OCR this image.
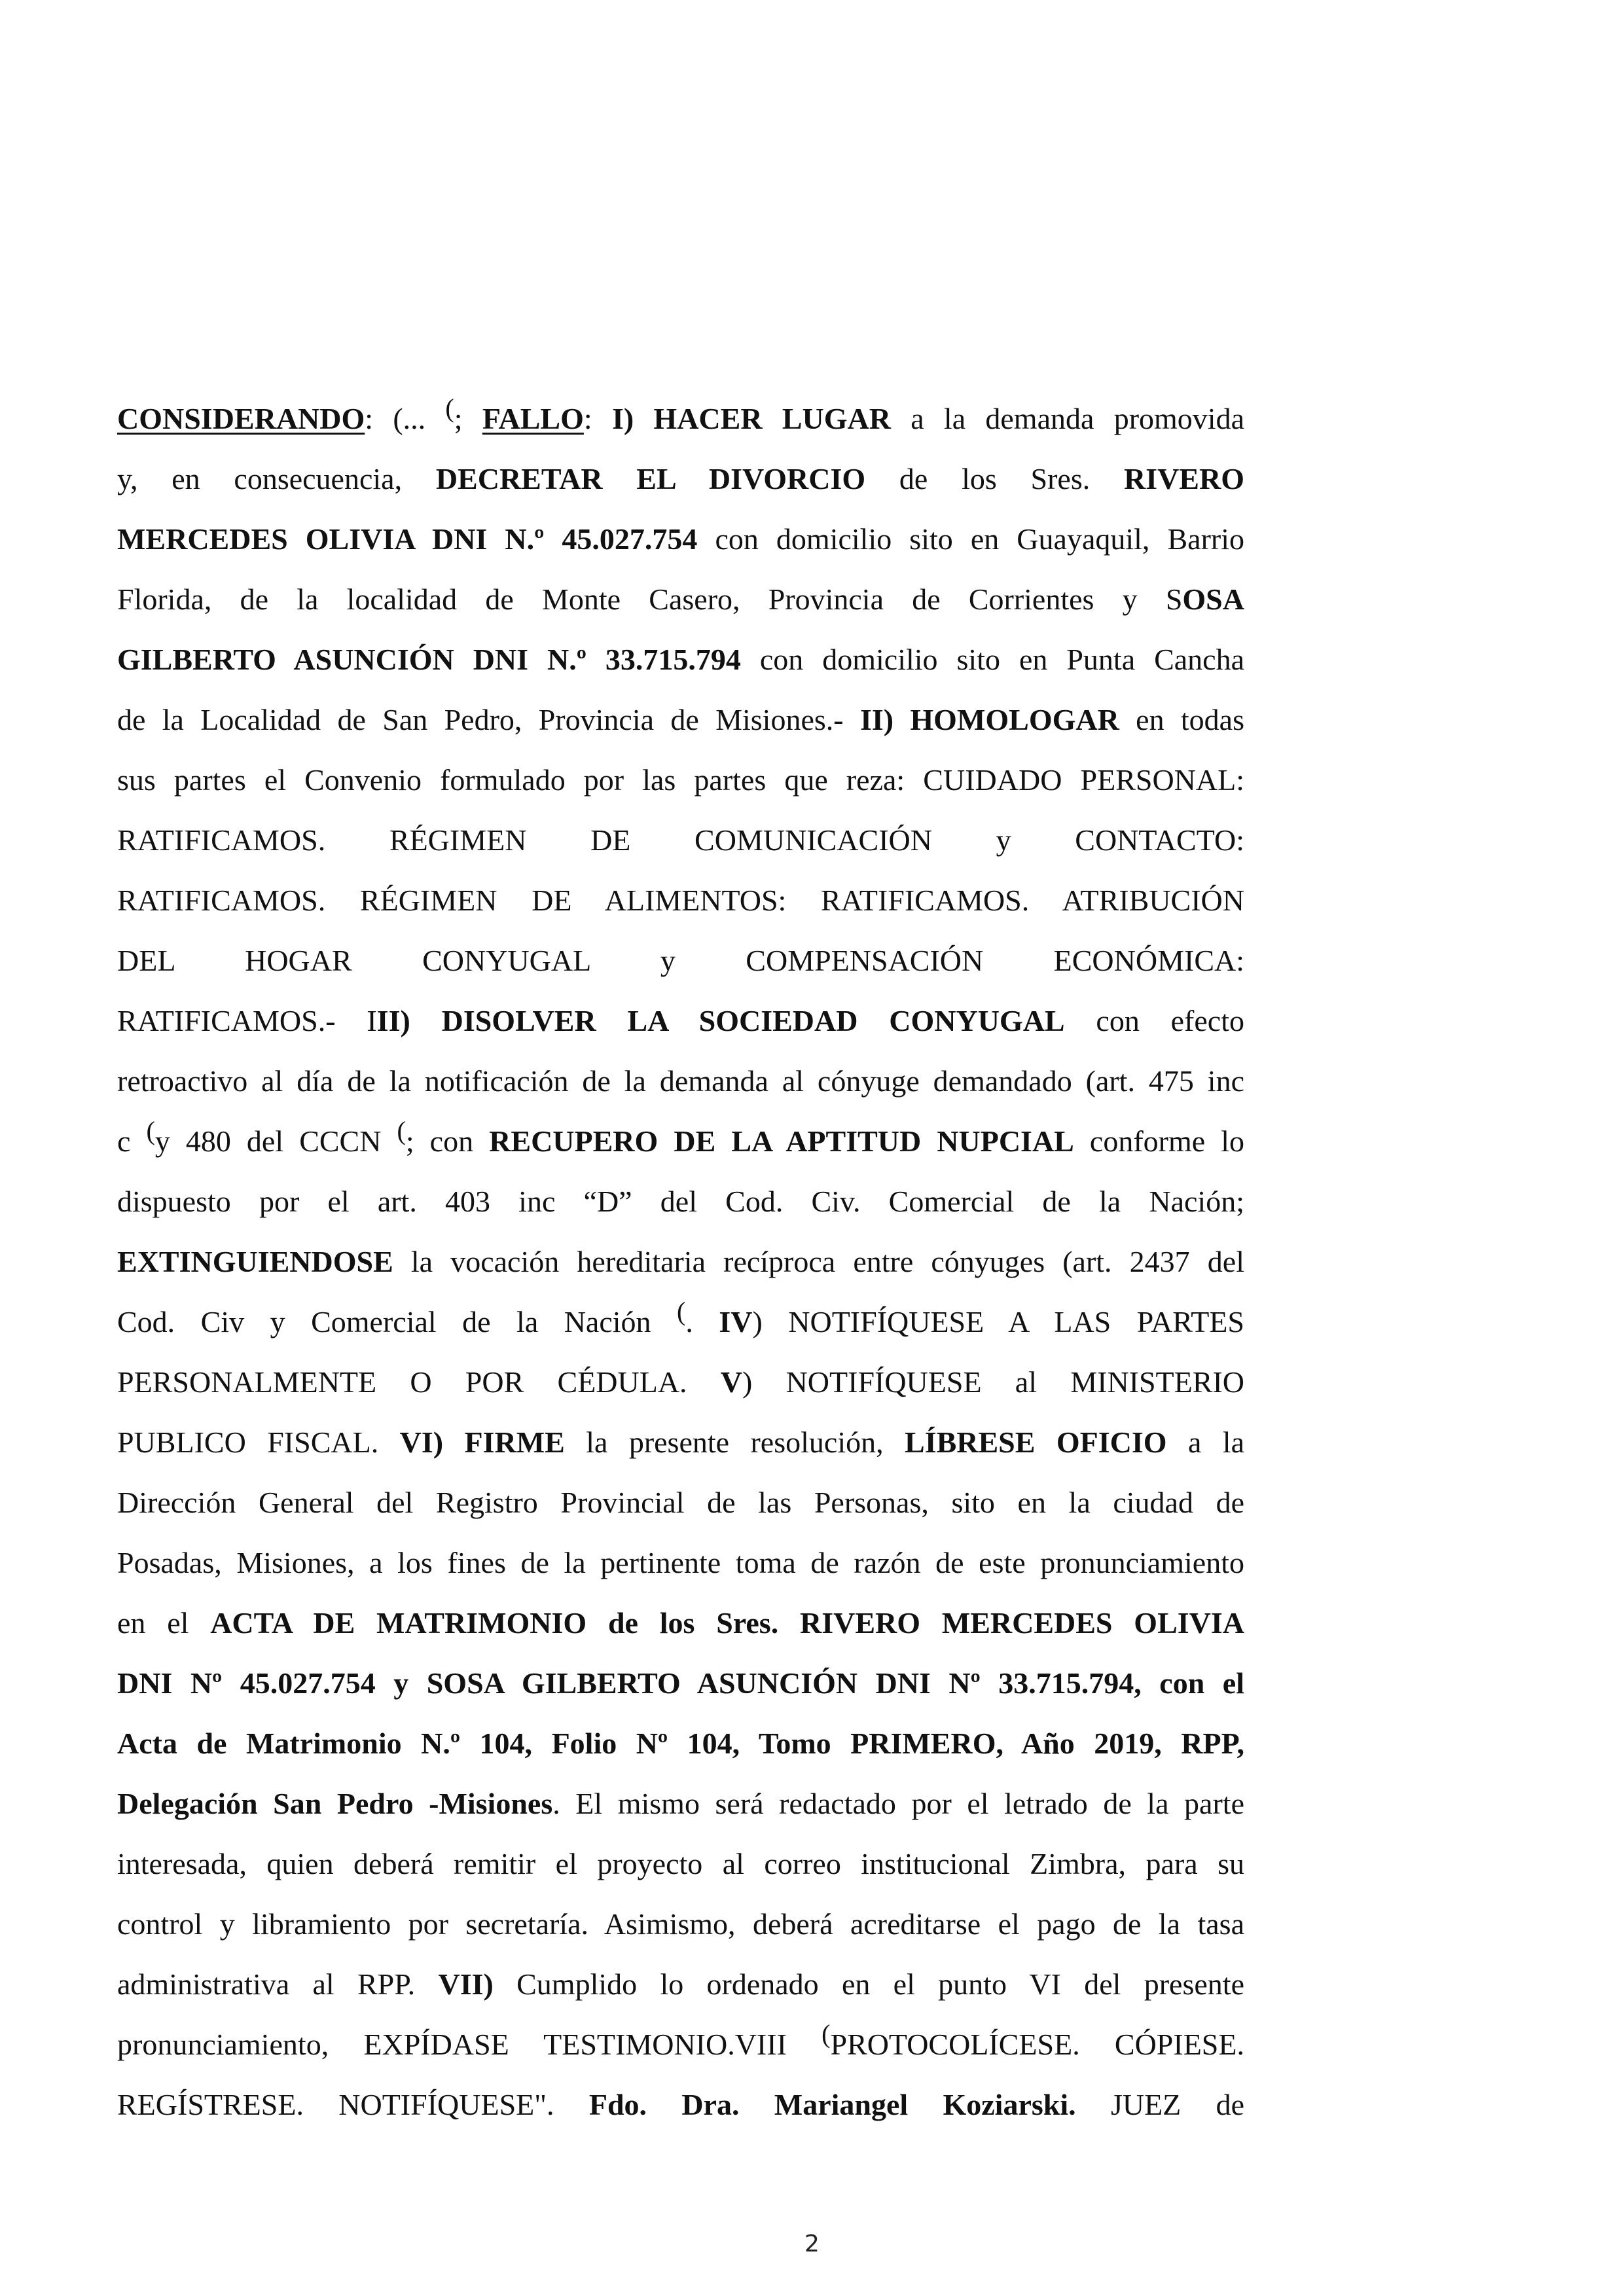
CONSIDERANDO: (... (; FALLO: I) HACER LUGAR a la demanda promovida
y, en consecuencia, DECRETAR EL DIVORCIO de los Sres. RIVERO
MERCEDES OLIVIA DNI N.º 45.027.754 con domicilio sito en Guayaquil, Barrio
Florida, de la localidad de Monte Casero, Provincia de Corrientes y SOSA
GILBERTO ASUNCIÓN DNI N.º 33.715.794 con domicilio sito en Punta Cancha
de la Localidad de San Pedro, Provincia de Misiones.- II) HOMOLOGAR en todas
sus partes el Convenio formulado por las partes que reza: CUIDADO PERSONAL:
RATIFICAMOS. RÉGIMEN DE COMUNICACIÓN y CONTACTO:
RATIFICAMOS. RÉGIMEN DE ALIMENTOS: RATIFICAMOS. ATRIBUCIÓN
DEL HOGAR CONYUGAL y COMPENSACIÓN ECONÓMICA:
RATIFICAMOS.- III) DISOLVER LA SOCIEDAD CONYUGAL con efecto
retroactivo al día de la notificación de la demanda al cónyuge demandado (art. 475 inc
c (y 480 del CCCN (; con RECUPERO DE LA APTITUD NUPCIAL conforme lo
dispuesto por el art. 403 inc “D” del Cod. Civ. Comercial de la Nación;
EXTINGUIENDOSE la vocación hereditaria recíproca entre cónyuges (art. 2437 del
Cod. Civ y Comercial de la Nación (. IV) NOTIFÍQUESE A LAS PARTES
PERSONALMENTE O POR CÉDULA. V) NOTIFÍQUESE al MINISTERIO
PUBLICO FISCAL. VI) FIRME la presente resolución, LÍBRESE OFICIO a la
Dirección General del Registro Provincial de las Personas, sito en la ciudad de
Posadas, Misiones, a los fines de la pertinente toma de razón de este pronunciamiento
en el ACTA DE MATRIMONIO de los Sres. RIVERO MERCEDES OLIVIA
DNI Nº 45.027.754 y SOSA GILBERTO ASUNCIÓN DNI Nº 33.715.794, con el
Acta de Matrimonio N.º 104, Folio Nº 104, Tomo PRIMERO, Año 2019, RPP,
Delegación San Pedro -Misiones. El mismo será redactado por el letrado de la parte
interesada, quien deberá remitir el proyecto al correo institucional Zimbra, para su
control y libramiento por secretaría. Asimismo, deberá acreditarse el pago de la tasa
administrativa al RPP. VII) Cumplido lo ordenado en el punto VI del presente
pronunciamiento, EXPÍDASE TESTIMONIO.VIII (PROTOCOLÍCESE. CÓPIESE.
REGÍSTRESE. NOTIFÍQUESE". Fdo. Dra. Mariangel Koziarski. JUEZ de
2
